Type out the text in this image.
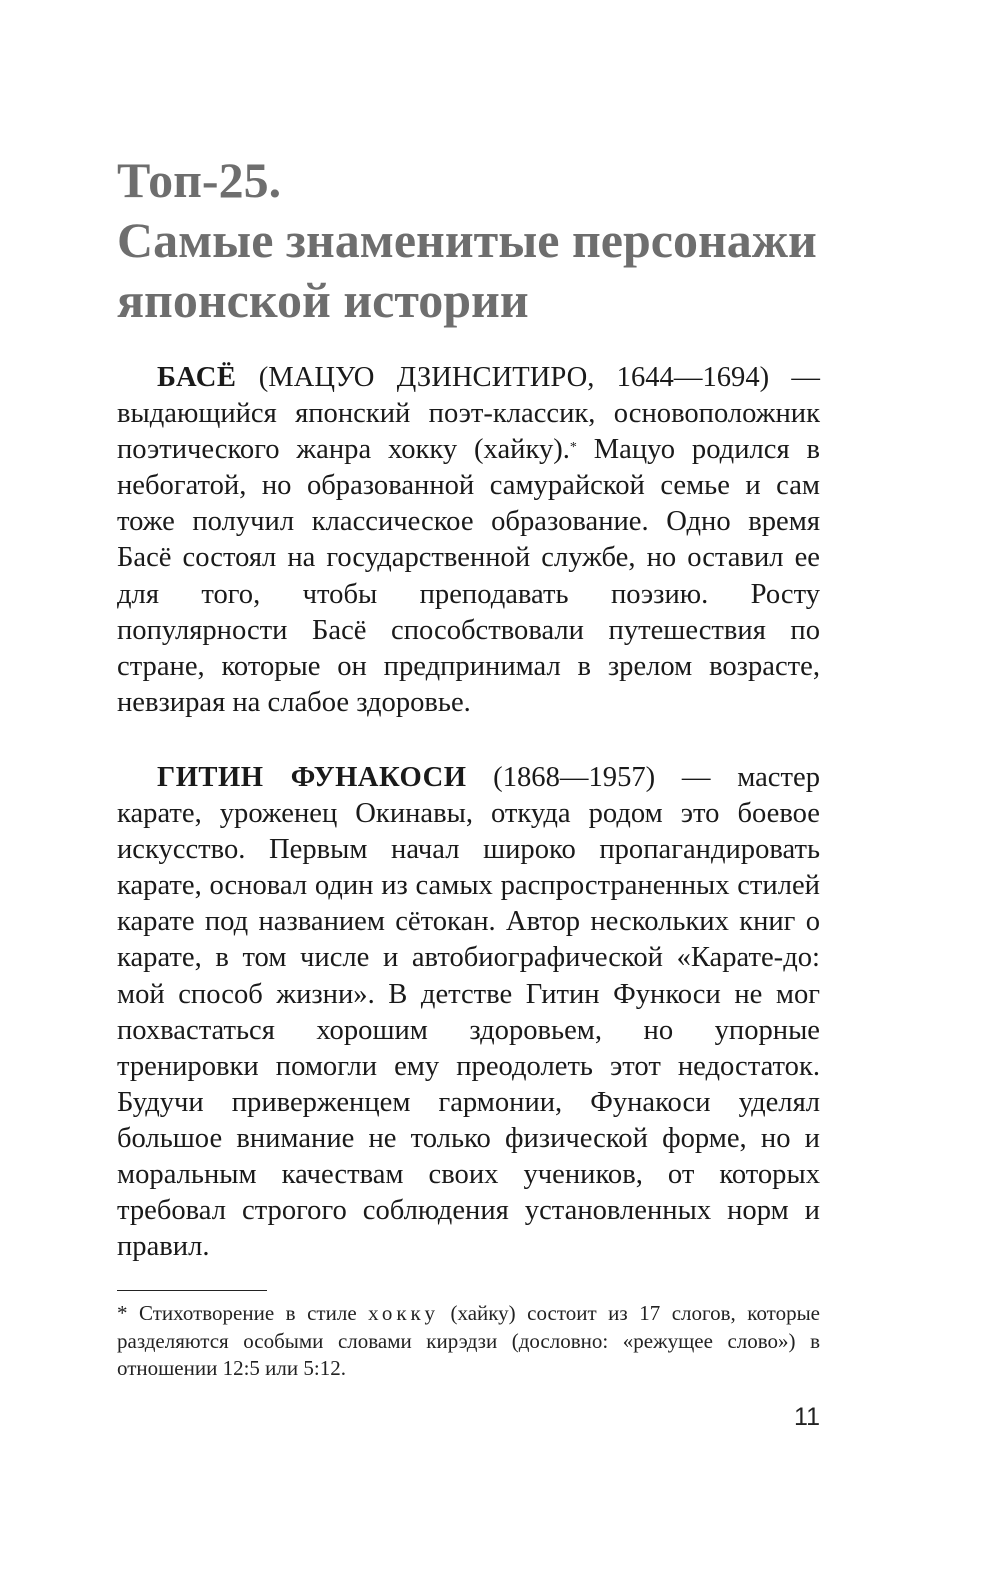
Топ-25.
Самые знаменитые персонажи
японской истории

БАСЁ (МАЦУО ДЗИНСИТИРО, 1644—1694) — выдающийся японский поэт-классик, основоположник поэтического жанра хокку (хайку).* Мацуо родился в небогатой, но образованной самурайской семье и сам тоже получил классическое образование. Одно время Басё состоял на государственной службе, но оставил ее для того, чтобы преподавать поэзию. Росту популярности Басё способствовали путешествия по стране, которые он предпринимал в зрелом возрасте, невзирая на слабое здоровье.

ГИТИН ФУНАКОСИ (1868—1957) — мастер карате, уроженец Окинавы, откуда родом это боевое искусство. Первым начал широко пропагандировать карате, основал один из самых распространенных стилей карате под названием сётокан. Автор нескольких книг о карате, в том числе и автобиографической «Карате-до: мой способ жизни». В детстве Гитин Функоси не мог похвастаться хорошим здоровьем, но упорные тренировки помогли ему преодолеть этот недостаток. Будучи приверженцем гармонии, Фунакоси уделял большое внимание не только физической форме, но и моральным качествам своих учеников, от которых требовал строгого соблюдения установленных норм и правил.

* Стихотворение в стиле хокку (хайку) состоит из 17 слогов, которые разделяются особыми словами кирэдзи (дословно: «режущее слово») в отношении 12:5 или 5:12.

11
